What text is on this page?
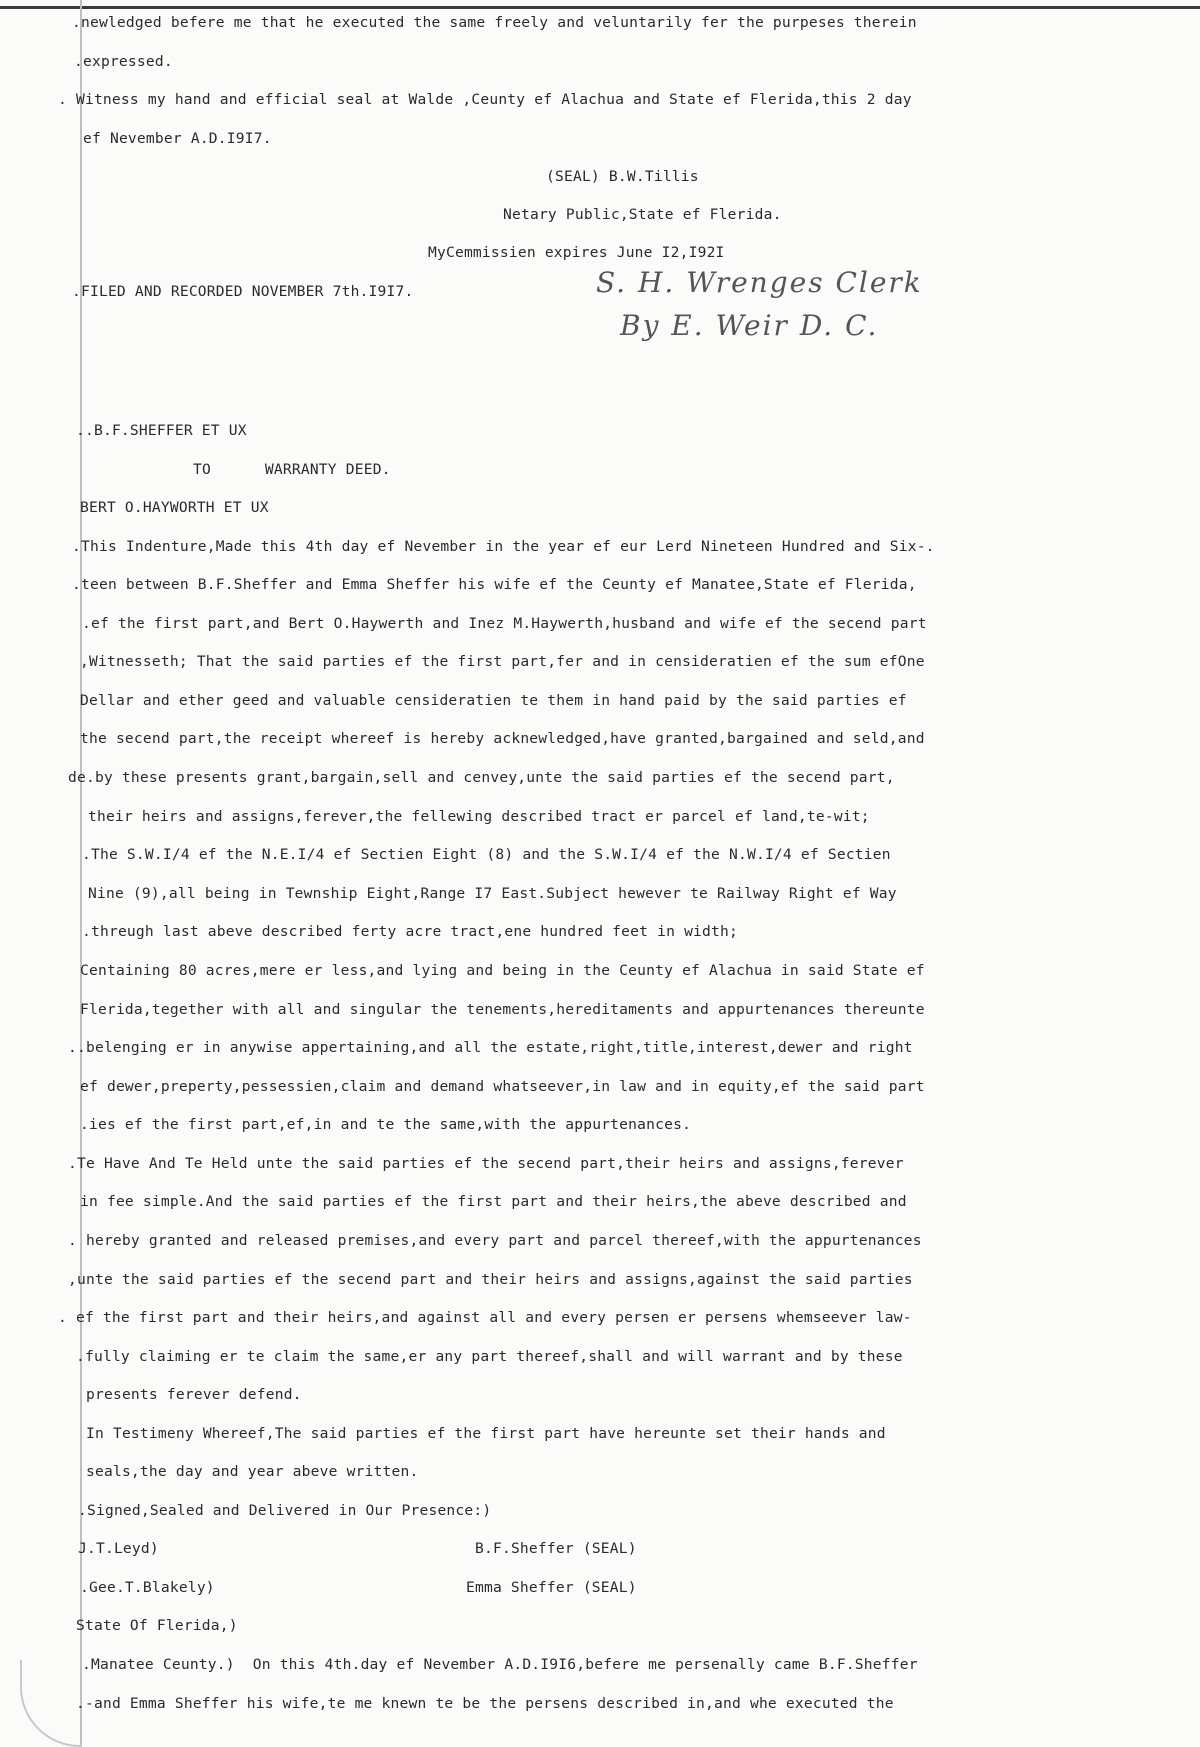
.newledged befere me that he executed the same freely and veluntarily fer the purpeses therein
.expressed.
. Witness my hand and efficial seal at Walde ,Ceunty ef Alachua and State ef Flerida,this 2 day
ef Nevember A.D.I9I7.
(SEAL) B.W.Tillis
Netary Public,State ef Flerida.
MyCemmissien expires June I2,I92I
.FILED AND RECORDED NOVEMBER 7th.I9I7.	S. H. Wrenges Clerk
By E. Weir D. C.
..B.F.SHEFFER ET UX
TO      WARRANTY DEED.
BERT O.HAYWORTH ET UX
.This Indenture,Made this 4th day ef Nevember in the year ef eur Lerd Nineteen Hundred and Six-.
.teen between B.F.Sheffer and Emma Sheffer his wife ef the Ceunty ef Manatee,State ef Flerida,
.ef the first part,and Bert O.Haywerth and Inez M.Haywerth,husband and wife ef the secend part
,Witnesseth; That the said parties ef the first part,fer and in censideratien ef the sum efOne
Dellar and ether geed and valuable censideratien te them in hand paid by the said parties ef
the secend part,the receipt whereef is hereby acknewledged,have granted,bargained and seld,and
de.by these presents grant,bargain,sell and cenvey,unte the said parties ef the secend part,
their heirs and assigns,ferever,the fellewing described tract er parcel ef land,te-wit;
.The S.W.I/4 ef the N.E.I/4 ef Sectien Eight (8) and the S.W.I/4 ef the N.W.I/4 ef Sectien
Nine (9),all being in Tewnship Eight,Range I7 East.Subject hewever te Railway Right ef Way
.threugh last abeve described ferty acre tract,ene hundred feet in width;
Centaining 80 acres,mere er less,and lying and being in the Ceunty ef Alachua in said State ef
Flerida,tegether with all and singular the tenements,hereditaments and appurtenances thereunte
..belenging er in anywise appertaining,and all the estate,right,title,interest,dewer and right
ef dewer,preperty,pessessien,claim and demand whatseever,in law and in equity,ef the said part
.ies ef the first part,ef,in and te the same,with the appurtenances.
.Te Have And Te Held unte the said parties ef the secend part,their heirs and assigns,ferever
in fee simple.And the said parties ef the first part and their heirs,the abeve described and
. hereby granted and released premises,and every part and parcel thereef,with the appurtenances
,unte the said parties ef the secend part and their heirs and assigns,against the said parties
. ef the first part and their heirs,and against all and every persen er persens whemseever law-
.fully claiming er te claim the same,er any part thereef,shall and will warrant and by these
presents ferever defend.
In Testimeny Whereef,The said parties ef the first part have hereunte set their hands and
seals,the day and year abeve written.
.Signed,Sealed and Delivered in Our Presence:)
J.T.Leyd)	B.F.Sheffer (SEAL)
.Gee.T.Blakely)	Emma Sheffer (SEAL)
State Of Flerida,)
.Manatee Ceunty.)  On this 4th.day ef Nevember A.D.I9I6,befere me persenally came B.F.Sheffer
.-and Emma Sheffer his wife,te me knewn te be the persens described in,and whe executed the
